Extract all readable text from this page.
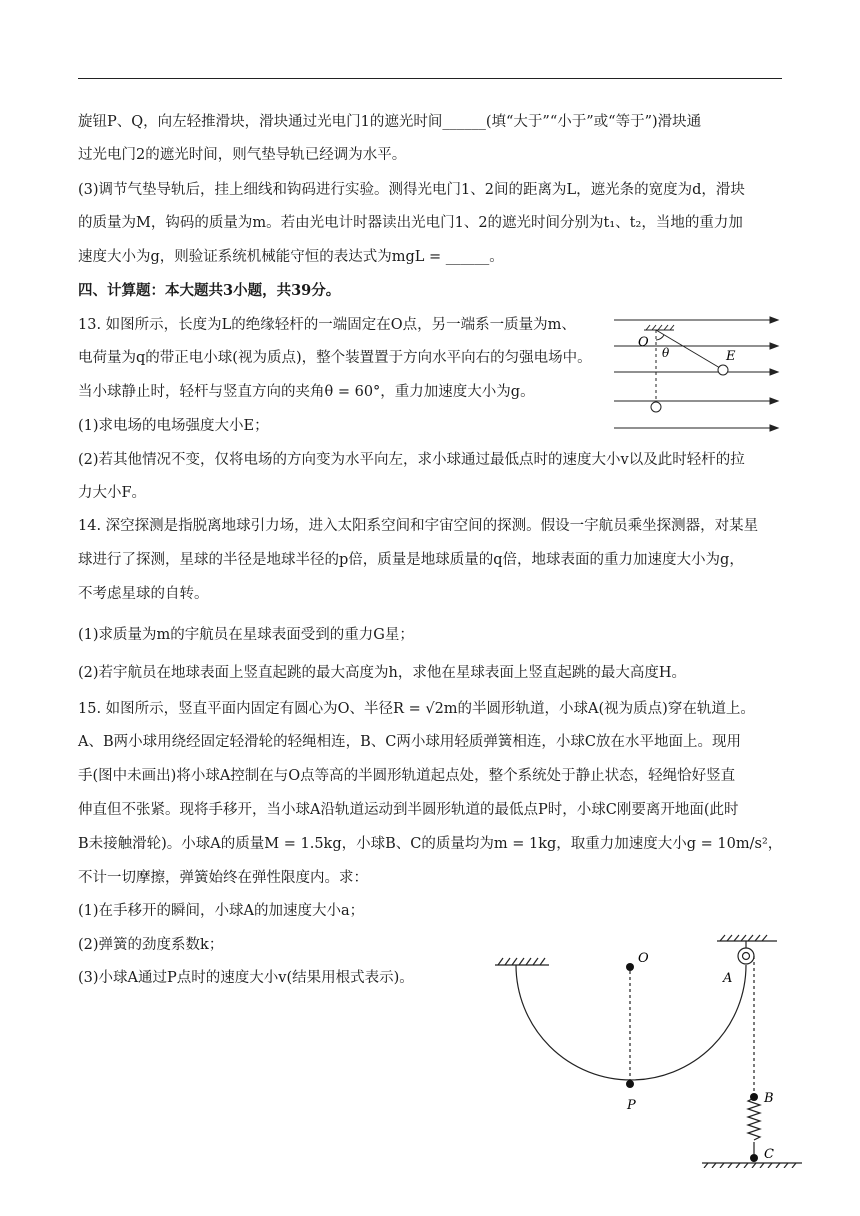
旋钮P、Q，向左轻推滑块，滑块通过光电门1的遮光时间______(填“大于”“小于”或“等于”)滑块通
过光电门2的遮光时间，则气垫导轨已经调为水平。
(3)调节气垫导轨后，挂上细线和钩码进行实验。测得光电门1、2间的距离为L，遮光条的宽度为d，滑块
的质量为M，钩码的质量为m。若由光电计时器读出光电门1、2的遮光时间分别为t₁、t₂，当地的重力加
速度大小为g，则验证系统机械能守恒的表达式为mgL = ______。
四、计算题：本大题共3小题，共39分。
13. 如图所示，长度为L的绝缘轻杆的一端固定在O点，另一端系一质量为m、
电荷量为q的带正电小球(视为质点)，整个装置置于方向水平向右的匀强电场中。
当小球静止时，轻杆与竖直方向的夹角θ = 60°，重力加速度大小为g。
(1)求电场的电场强度大小E；
(2)若其他情况不变，仅将电场的方向变为水平向左，求小球通过最低点时的速度大小v以及此时轻杆的拉
力大小F。
14. 深空探测是指脱离地球引力场，进入太阳系空间和宇宙空间的探测。假设一宇航员乘坐探测器，对某星
球进行了探测，星球的半径是地球半径的p倍，质量是地球质量的q倍，地球表面的重力加速度大小为g，
不考虑星球的自转。
(1)求质量为m的宇航员在星球表面受到的重力G星；
(2)若宇航员在地球表面上竖直起跳的最大高度为h，求他在星球表面上竖直起跳的最大高度H。
15. 如图所示，竖直平面内固定有圆心为O、半径R = √2m的半圆形轨道，小球A(视为质点)穿在轨道上。
A、B两小球用绕经固定轻滑轮的轻绳相连，B、C两小球用轻质弹簧相连，小球C放在水平地面上。现用
手(图中未画出)将小球A控制在与O点等高的半圆形轨道起点处，整个系统处于静止状态，轻绳恰好竖直
伸直但不张紧。现将手移开，当小球A沿轨道运动到半圆形轨道的最低点P时，小球C刚要离开地面(此时
B未接触滑轮)。小球A的质量M = 1.5kg，小球B、C的质量均为m = 1kg，取重力加速度大小g = 10m/s²，
不计一切摩擦，弹簧始终在弹性限度内。求：
(1)在手移开的瞬间，小球A的加速度大小a；
(2)弹簧的劲度系数k；
(3)小球A通过P点时的速度大小v(结果用根式表示)。
O
θ	E
O
A
P	B
C
